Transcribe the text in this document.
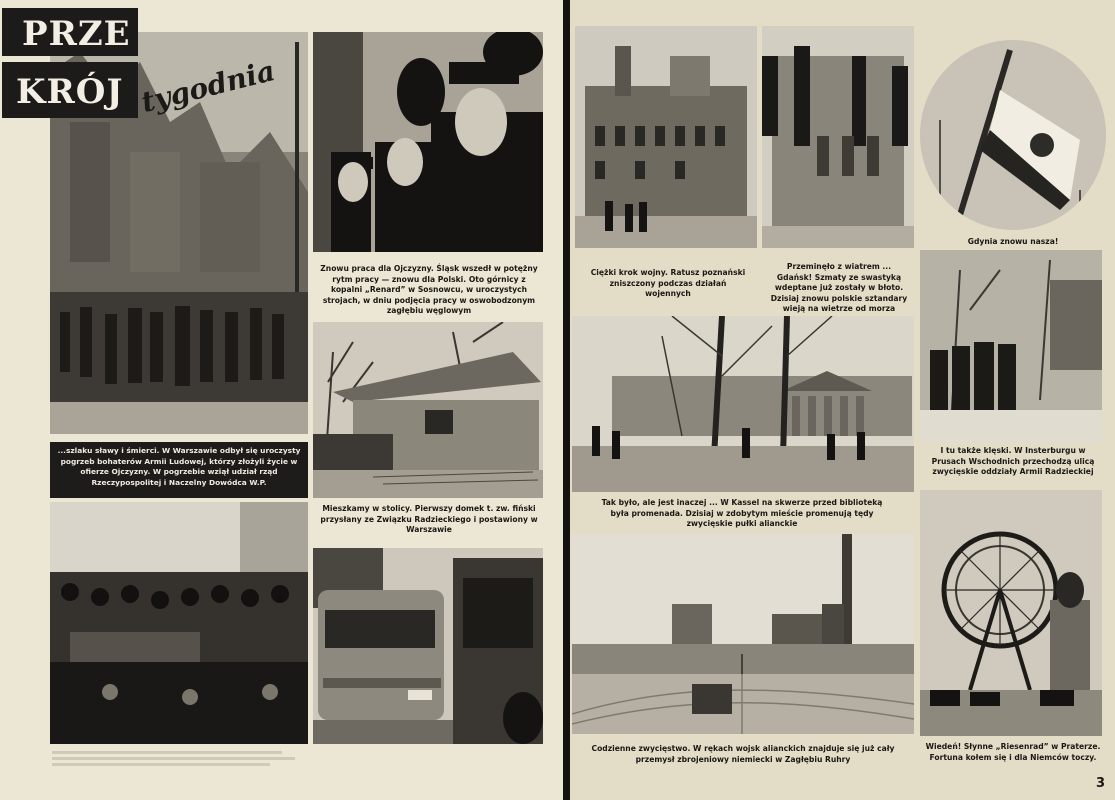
PRZE
KRÓJ tygodnia
...szlaku sławy i śmierci. W Warszawie odbył się uroczysty pogrzeb bohaterów Armii Ludowej, którzy złożyli życie w ofierze Ojczyzny. W pogrzebie wziął udział rząd Rzeczypospolitej i Naczelny Dowódca W.P.
Znowu praca dla Ojczyzny. Śląsk wszedł w potężny rytm pracy — znowu dla Polski. Oto górnicy z kopalni „Renard” w Sosnowcu, w uroczystych strojach, w dniu podjęcia pracy w oswobodzonym zagłębiu węglowym
Mieszkamy w stolicy. Pierwszy domek t. zw. fiński przysłany ze Związku Radzieckiego i postawiony w Warszawie
Ciężki krok wojny. Ratusz poznański zniszczony podczas działań wojennych
Przeminęło z wiatrem ... Gdańsk! Szmaty ze swastyką wdeptane już zostały w błoto. Dzisiaj znowu polskie sztandary wieją na wietrze od morza
Gdynia znowu nasza!
I tu także klęski. W Insterburgu w Prusach Wschodnich przechodzą ulicą zwycięskie oddziały Armii Radzieckiej
Tak było, ale jest inaczej ... W Kassel na skwerze przed biblioteką była promenada. Dzisiaj w zdobytym mieście promenują tędy zwycięskie pułki alianckie
Codzienne zwycięstwo. W rękach wojsk alianckich znajduje się już cały przemysł zbrojeniowy niemiecki w Zagłębiu Ruhry
Wiedeń! Słynne „Riesenrad” w Praterze. Fortuna kołem się i dla Niemców toczy.
3
